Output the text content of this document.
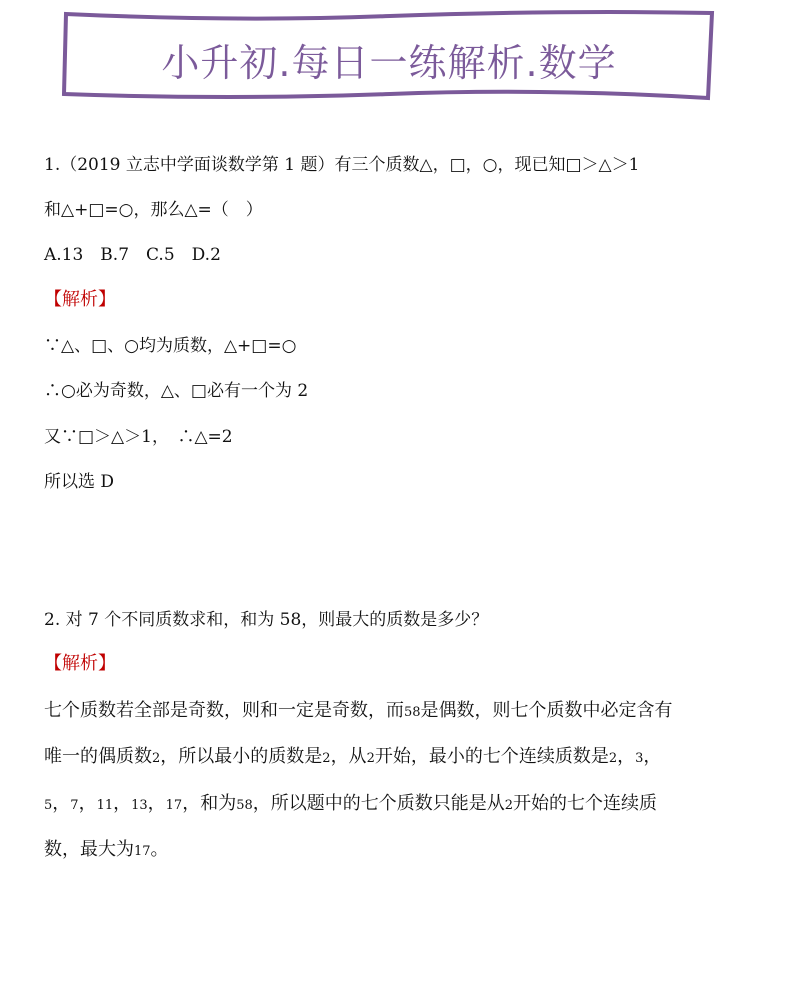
小升初.每日一练解析.数学
1.（2019 立志中学面谈数学第 1 题）有三个质数△，□，○，现已知□＞△＞1
和△+□=○，那么△=（　）
A.13　B.7　C.5　D.2
【解析】
∵△、□、○均为质数，△+□=○
∴○必为奇数，△、□必有一个为 2
又∵□＞△＞1，　∴△=2
所以选 D
2. 对 7 个不同质数求和，和为 58，则最大的质数是多少？
【解析】
七个质数若全部是奇数，则和一定是奇数，而58是偶数，则七个质数中必定含有
唯一的偶质数2，所以最小的质数是2，从2开始，最小的七个连续质数是2，3，
5，7，11，13，17，和为58，所以题中的七个质数只能是从2开始的七个连续质
数，最大为17。
